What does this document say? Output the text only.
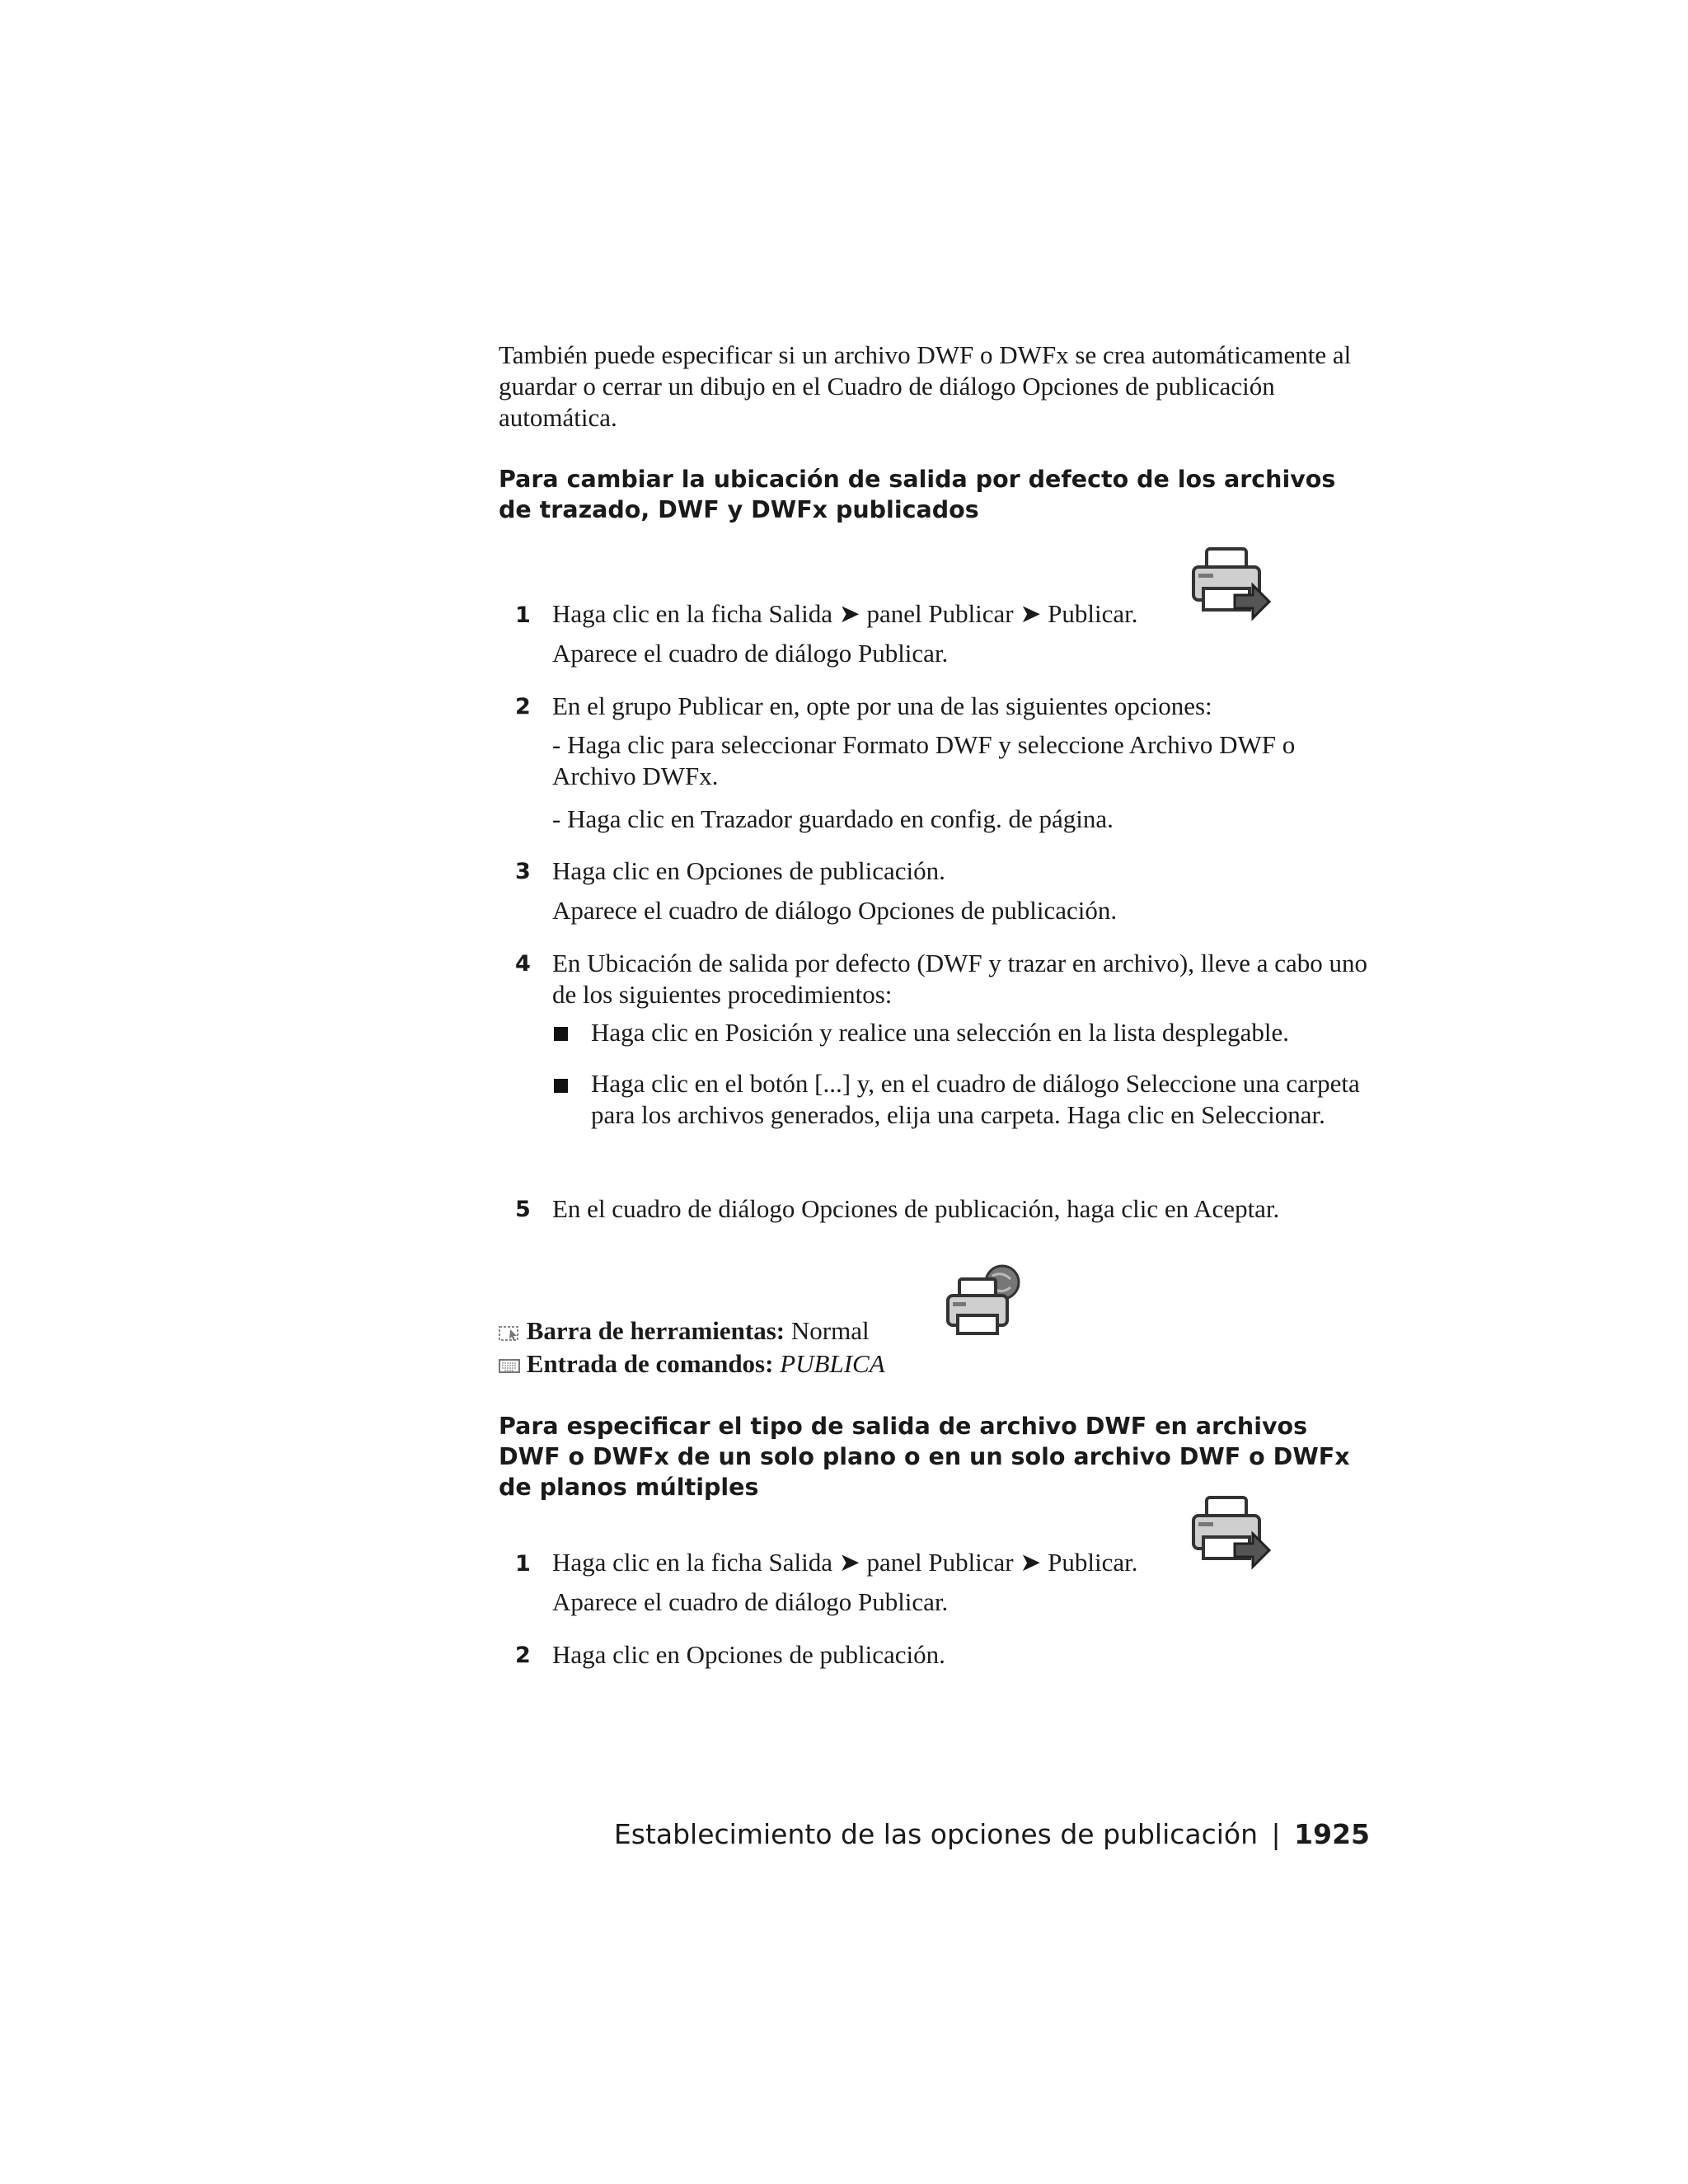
También puede especificar si un archivo DWF o DWFx se crea automáticamente al guardar o cerrar un dibujo en el Cuadro de diálogo Opciones de publicación automática.
Para cambiar la ubicación de salida por defecto de los archivos de trazado, DWF y DWFx publicados
1 Haga clic en la ficha Salida ➤ panel Publicar ➤ Publicar.
Aparece el cuadro de diálogo Publicar.
2 En el grupo Publicar en, opte por una de las siguientes opciones:
- Haga clic para seleccionar Formato DWF y seleccione Archivo DWF o Archivo DWFx.
- Haga clic en Trazador guardado en config. de página.
3 Haga clic en Opciones de publicación.
Aparece el cuadro de diálogo Opciones de publicación.
4 En Ubicación de salida por defecto (DWF y trazar en archivo), lleve a cabo uno de los siguientes procedimientos:
Haga clic en Posición y realice una selección en la lista desplegable.
Haga clic en el botón [...] y, en el cuadro de diálogo Seleccione una carpeta para los archivos generados, elija una carpeta. Haga clic en Seleccionar.
5 En el cuadro de diálogo Opciones de publicación, haga clic en Aceptar.
Barra de herramientas: Normal
Entrada de comandos: PUBLICA
Para especificar el tipo de salida de archivo DWF en archivos DWF o DWFx de un solo plano o en un solo archivo DWF o DWFx de planos múltiples
1 Haga clic en la ficha Salida ➤ panel Publicar ➤ Publicar.
Aparece el cuadro de diálogo Publicar.
2 Haga clic en Opciones de publicación.
Establecimiento de las opciones de publicación | 1925
